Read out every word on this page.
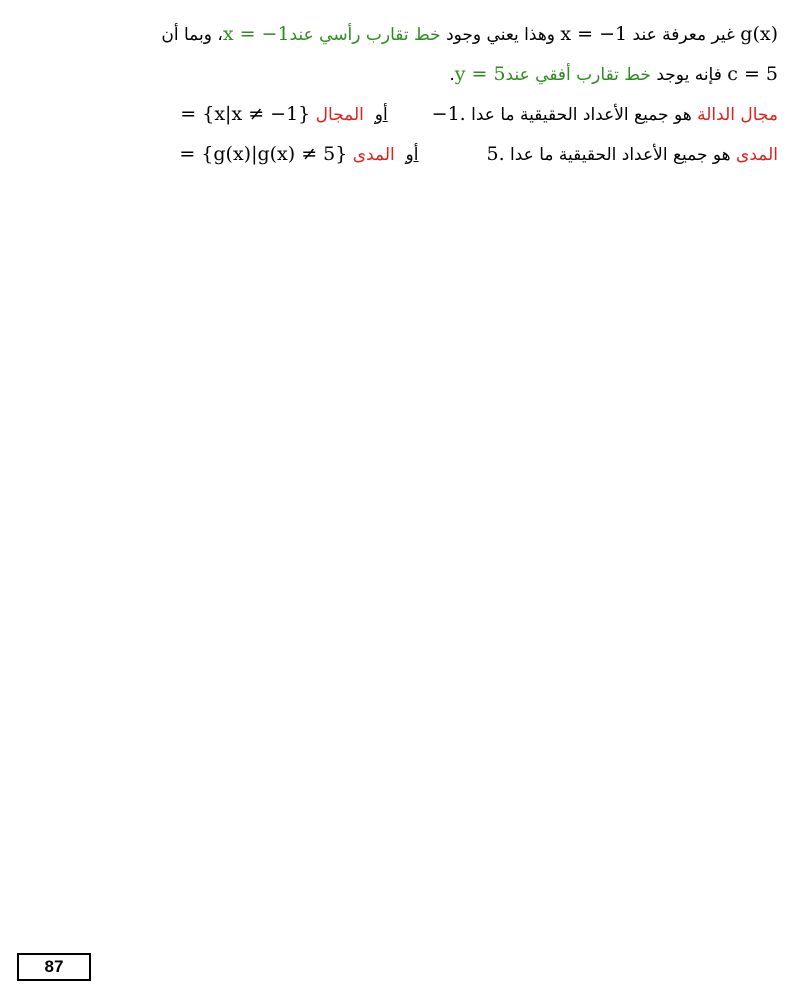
g(x) غير معرفة عند x = −1 وهذا يعني وجود خط تقارب رأسي عندx = −1، وبما أن
c = 5 فإنه يوجد خط تقارب أفقي عندy = 5.
مجال الدالة هو جميع الأعداد الحقيقية ما عدا −1.أو  المجال = {x|x ≠ −1}
المدى هو جميع الأعداد الحقيقية ما عدا 5.أو  المدى = {g(x)|g(x) ≠ 5}
87
